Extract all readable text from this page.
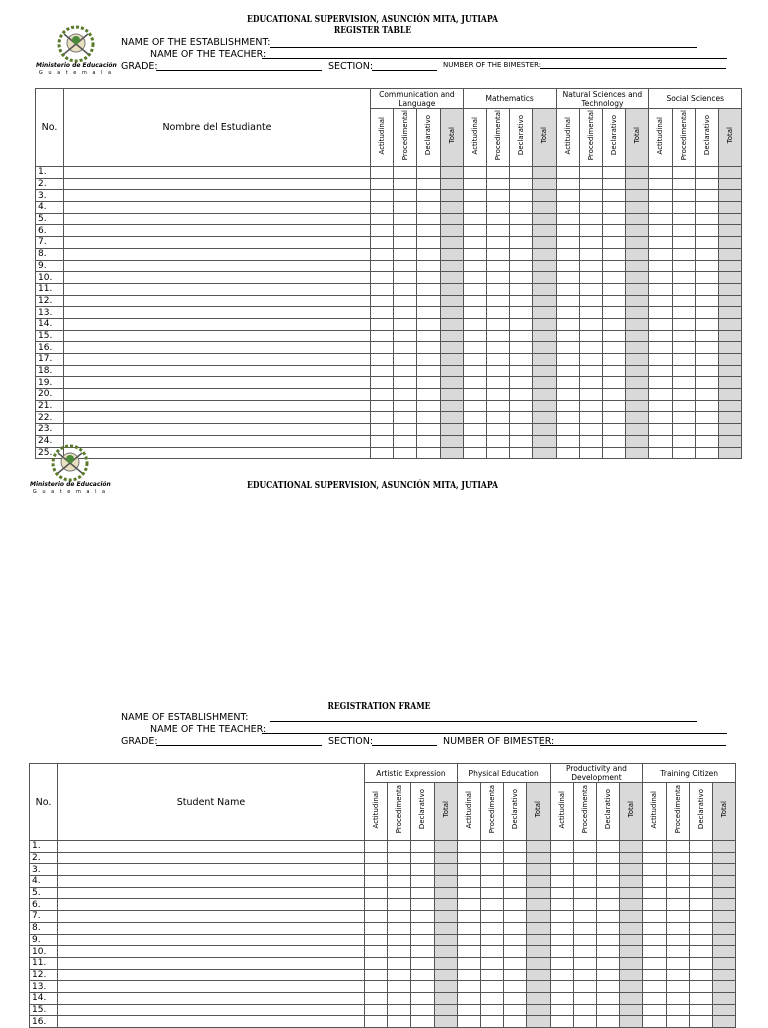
Ministerio de Educación
G u a t e m a l a
EDUCATIONAL SUPERVISION, ASUNCIÓN MITA, JUTIAPA
REGISTER TABLE
NAME OF THE ESTABLISHMENT:
NAME OF THE TEACHER:
GRADE:	SECTION:	NUMBER OF THE BIMESTER:
No.	Nombre del Estudiante	Communication and Language				Mathematics				Natural Sciences and Technology				Social Sciences			
		Actitudinal	Procedimental	Declarativo	Total	Actitudinal	Procedimental	Declarativo	Total	Actitudinal	Procedimental	Declarativo	Total	Actitudinal	Procedimental	Declarativo	Total
1.																	
2.																	
3.																	
4.																	
5.																	
6.																	
7.																	
8.																	
9.																	
10.																	
11.																	
12.																	
13.																	
14.																	
15.																	
16.																	
17.																	
18.																	
19.																	
20.																	
21.																	
22.																	
23.																	
24.																	
25.																	
Ministerio de Educación
G u a t e m a l a
EDUCATIONAL SUPERVISION, ASUNCIÓN MITA, JUTIAPA
REGISTRATION FRAME
NAME OF ESTABLISHMENT:
NAME OF THE TEACHER:
GRADE:	SECTION:	NUMBER OF BIMESTER:
No.	Student Name	Artistic Expression				Physical Education				Productivity and Development				Training Citizen			
		Actitudinal	Procedimenta	Declarativo	Total	Actitudinal	Procedimenta	Declarativo	Total	Actitudinal	Procedimenta	Declarativo	Total	Actitudinal	Procedimenta	Declarativo	Total
1.																	
2.																	
3.																	
4.																	
5.																	
6.																	
7.																	
8.																	
9.																	
10.																	
11.																	
12.																	
13.																	
14.																	
15.																	
16.																	
